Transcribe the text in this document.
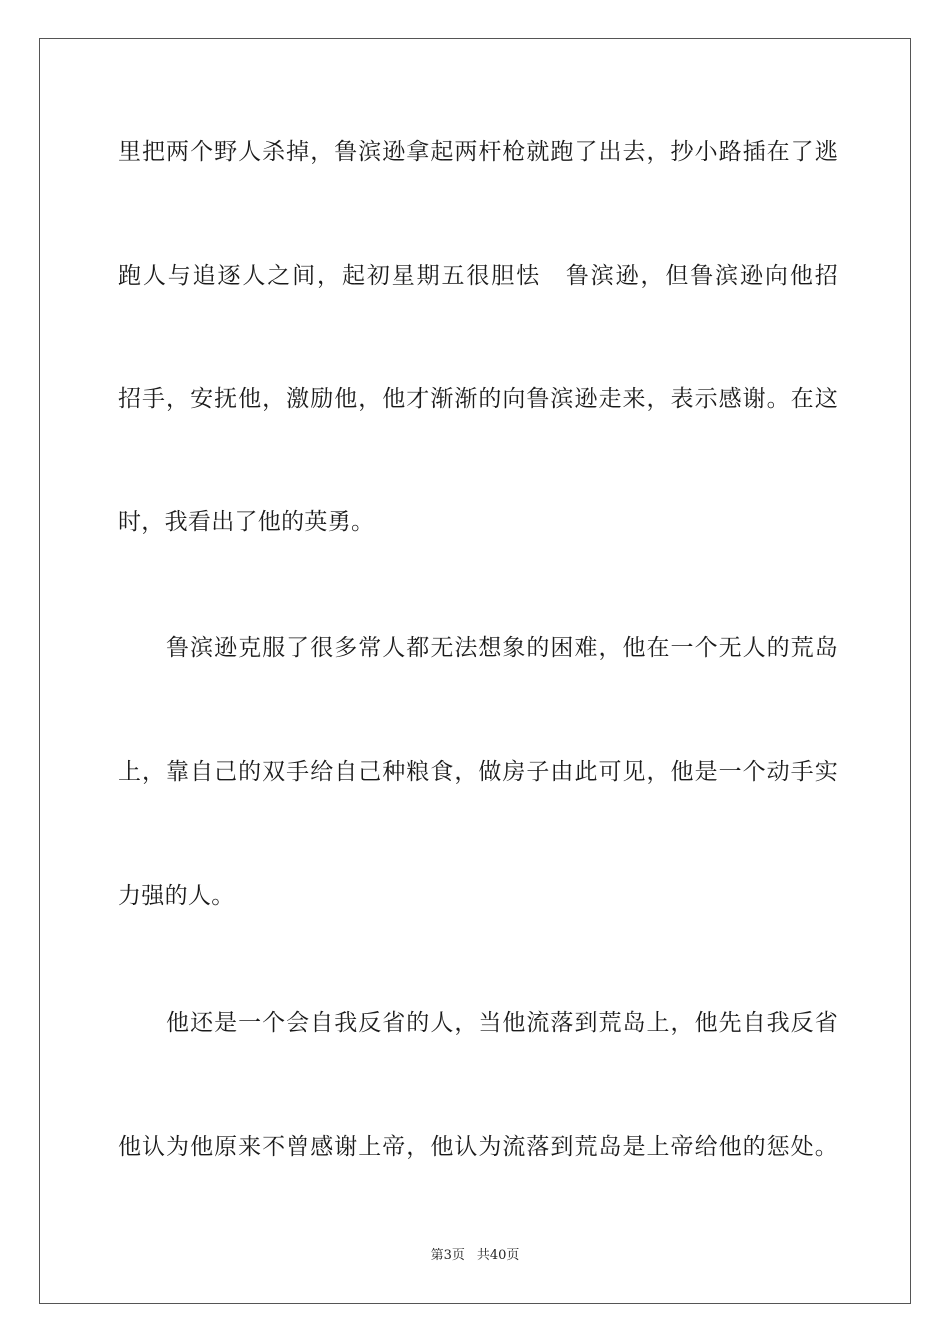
里把两个野人杀掉，鲁滨逊拿起两杆枪就跑了出去，抄小路插在了逃
跑人与追逐人之间，起初星期五很胆怯　鲁滨逊，但鲁滨逊向他招
招手，安抚他，激励他，他才渐渐的向鲁滨逊走来，表示感谢。在这
时，我看出了他的英勇。
　　鲁滨逊克服了很多常人都无法想象的困难，他在一个无人的荒岛
上，靠自己的双手给自己种粮食，做房子由此可见，他是一个动手实
力强的人。
　　他还是一个会自我反省的人，当他流落到荒岛上，他先自我反省
他认为他原来不曾感谢上帝，他认为流落到荒岛是上帝给他的惩处。
第3页 共40页
